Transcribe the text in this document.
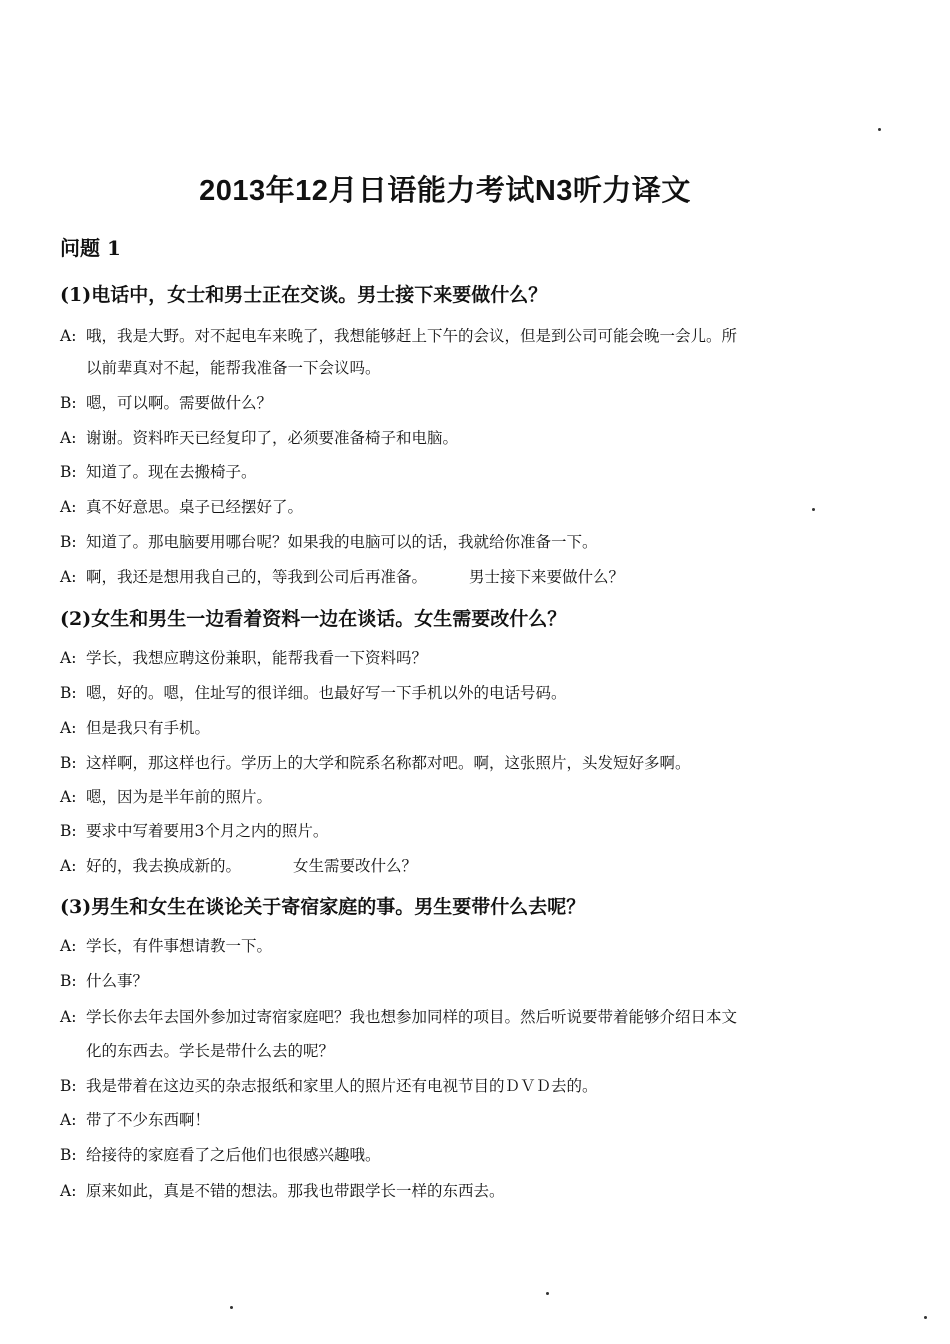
2013年12月日语能力考试N3听力译文
问题 1
(1)电话中，女士和男士正在交谈。男士接下来要做什么？
A: 哦，我是大野。对不起电车来晚了，我想能够赶上下午的会议，但是到公司可能会晚一会儿。所
以前辈真对不起，能帮我准备一下会议吗。
B: 嗯，可以啊。需要做什么？
A: 谢谢。资料昨天已经复印了，必须要准备椅子和电脑。
B: 知道了。现在去搬椅子。
A: 真不好意思。桌子已经摆好了。
B: 知道了。那电脑要用哪台呢？如果我的电脑可以的话，我就给你准备一下。
A: 啊，我还是想用我自己的，等我到公司后再准备。	男士接下来要做什么？
(2)女生和男生一边看着资料一边在谈话。女生需要改什么？
A: 学长，我想应聘这份兼职，能帮我看一下资料吗？
B: 嗯，好的。嗯，住址写的很详细。也最好写一下手机以外的电话号码。
A: 但是我只有手机。
B: 这样啊，那这样也行。学历上的大学和院系名称都对吧。啊，这张照片，头发短好多啊。
A: 嗯，因为是半年前的照片。
B: 要求中写着要用3个月之内的照片。
A: 好的，我去换成新的。	女生需要改什么？
(3)男生和女生在谈论关于寄宿家庭的事。男生要带什么去呢？
A: 学长，有件事想请教一下。
B: 什么事？
A: 学长你去年去国外参加过寄宿家庭吧？我也想参加同样的项目。然后听说要带着能够介绍日本文
化的东西去。学长是带什么去的呢？
B: 我是带着在这边买的杂志报纸和家里人的照片还有电视节目的ＤＶＤ去的。
A: 带了不少东西啊！
B: 给接待的家庭看了之后他们也很感兴趣哦。
A: 原来如此，真是不错的想法。那我也带跟学长一样的东西去。
